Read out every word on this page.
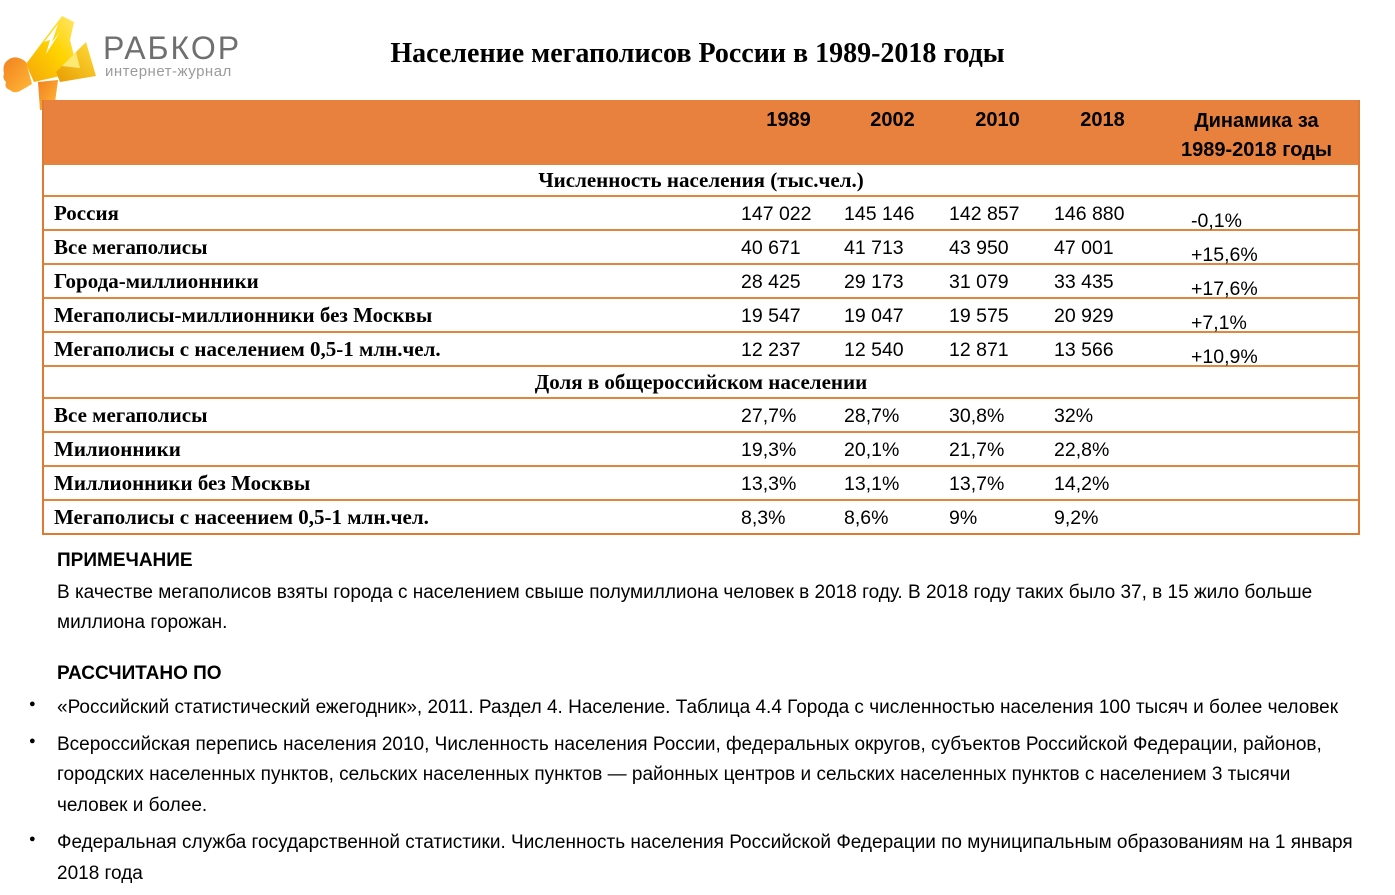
РАБКОР
интернет-журнал
Население мегаполисов России в 1989-2018 годы
1989	2002	2010	2018	Динамика за 1989-2018 годы
Численность населения (тыс.чел.)
Россия	147 022	145 146	142 857	146 880	-0,1%
Все мегаполисы	40 671	41 713	43 950	47 001	+15,6%
Города-миллионники	28 425	29 173	31 079	33 435	+17,6%
Мегаполисы-миллионники без Москвы	19 547	19 047	19 575	20 929	+7,1%
Мегаполисы с населением 0,5-1 млн.чел.	12 237	12 540	12 871	13 566	+10,9%
Доля в общероссийском населении
Все мегаполисы	27,7%	28,7%	30,8%	32%
Милионники	19,3%	20,1%	21,7%	22,8%
Миллионники без Москвы	13,3%	13,1%	13,7%	14,2%
Мегаполисы с насеением 0,5-1 млн.чел.	8,3%	8,6%	9%	9,2%

ПРИМЕЧАНИЕ

В качестве мегаполисов взяты города с населением свыше полумиллиона человек в 2018 году. В 2018 году таких было 37, в 15 жило больше миллиона горожан.

РАССЧИТАНО ПО

● «Российский статистический ежегодник», 2011. Раздел 4. Население. Таблица 4.4 Города с численностью населения 100 тысяч и более человек
● Всероссийская перепись населения 2010, Численность населения России, федеральных округов, субъектов Российской Федерации, районов, городских населенных пунктов, сельских населенных пунктов — районных центров и сельских населенных пунктов с населением 3 тысячи человек и более.
● Федеральная служба государственной статистики. Численность населения Российской Федерации по муниципальным образованиям на 1 января 2018 года
